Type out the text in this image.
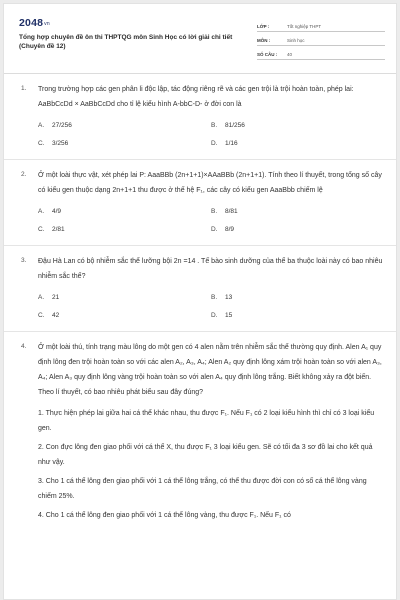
$2048^{vn}$
Tổng hợp chuyên đề ôn thi THPTQG môn Sinh Học có lời giải chi tiết (Chuyên đề 12)
LỚP :	Tốt nghiệp THPT
MÔN :	Sinh học
SỐ CÂU :	40
1. Trong trường hợp các gen phân li độc lập, tác động riêng rẽ và các gen trội là trội hoàn toàn, phép lai: AaBbCcDd × AaBbCcDd cho tỉ lệ kiểu hình A-bbC-D- ở đời con là
A. 27/256	B. 81/256
C. 3/256	D. 1/16
2. Ở một loài thực vật, xét phép lai P: AaaBBb (2n+1+1)×AAaBBb (2n+1+1). Tính theo lí thuyết, trong tổng số cây có kiểu gen thuộc dạng 2n+1+1 thu được ở thế hệ F₁, các cây có kiểu gen AaaBbb chiếm lệ
A. 4/9	B. 8/81
C. 2/81	D. 8/9
3. Đậu Hà Lan có bộ nhiễm sắc thể lưỡng bội 2n =14 . Tế bào sinh dưỡng của thể ba thuộc loài này có bao nhiêu nhiễm sắc thể?
A. 21	B. 13
C. 42	D. 15
4. Ở một loài thú, tính trạng màu lông do một gen có 4 alen nằm trên nhiễm sắc thể thường quy định. Alen A₁ quy định lông đen trội hoàn toàn so với các alen A₂, A₃, A₄; Alen A₂ quy định lông xám trội hoàn toàn so với alen A₃, A₄; Alen A₃ quy định lông vàng trội hoàn toàn so với alen A₄ quy định lông trắng. Biết không xảy ra đột biến. Theo lí thuyết, có bao nhiêu phát biểu sau đây đúng?
1. Thực hiện phép lai giữa hai cá thể khác nhau, thu được F₁. Nếu F₁ có 2 loại kiểu hình thì chỉ có 3 loại kiểu gen.
2. Con đực lông đen giao phối với cá thể X, thu được F₁ 3 loại kiểu gen. Sẽ có tối đa 3 sơ đồ lai cho kết quả như vậy.
3. Cho 1 cá thể lông đen giao phối với 1 cá thể lông trắng, có thể thu được đời con có số cá thể lông vàng chiếm 25%.
4. Cho 1 cá thể lông đen giao phối với 1 cá thể lông vàng, thu được F₁. Nếu F₁ có
